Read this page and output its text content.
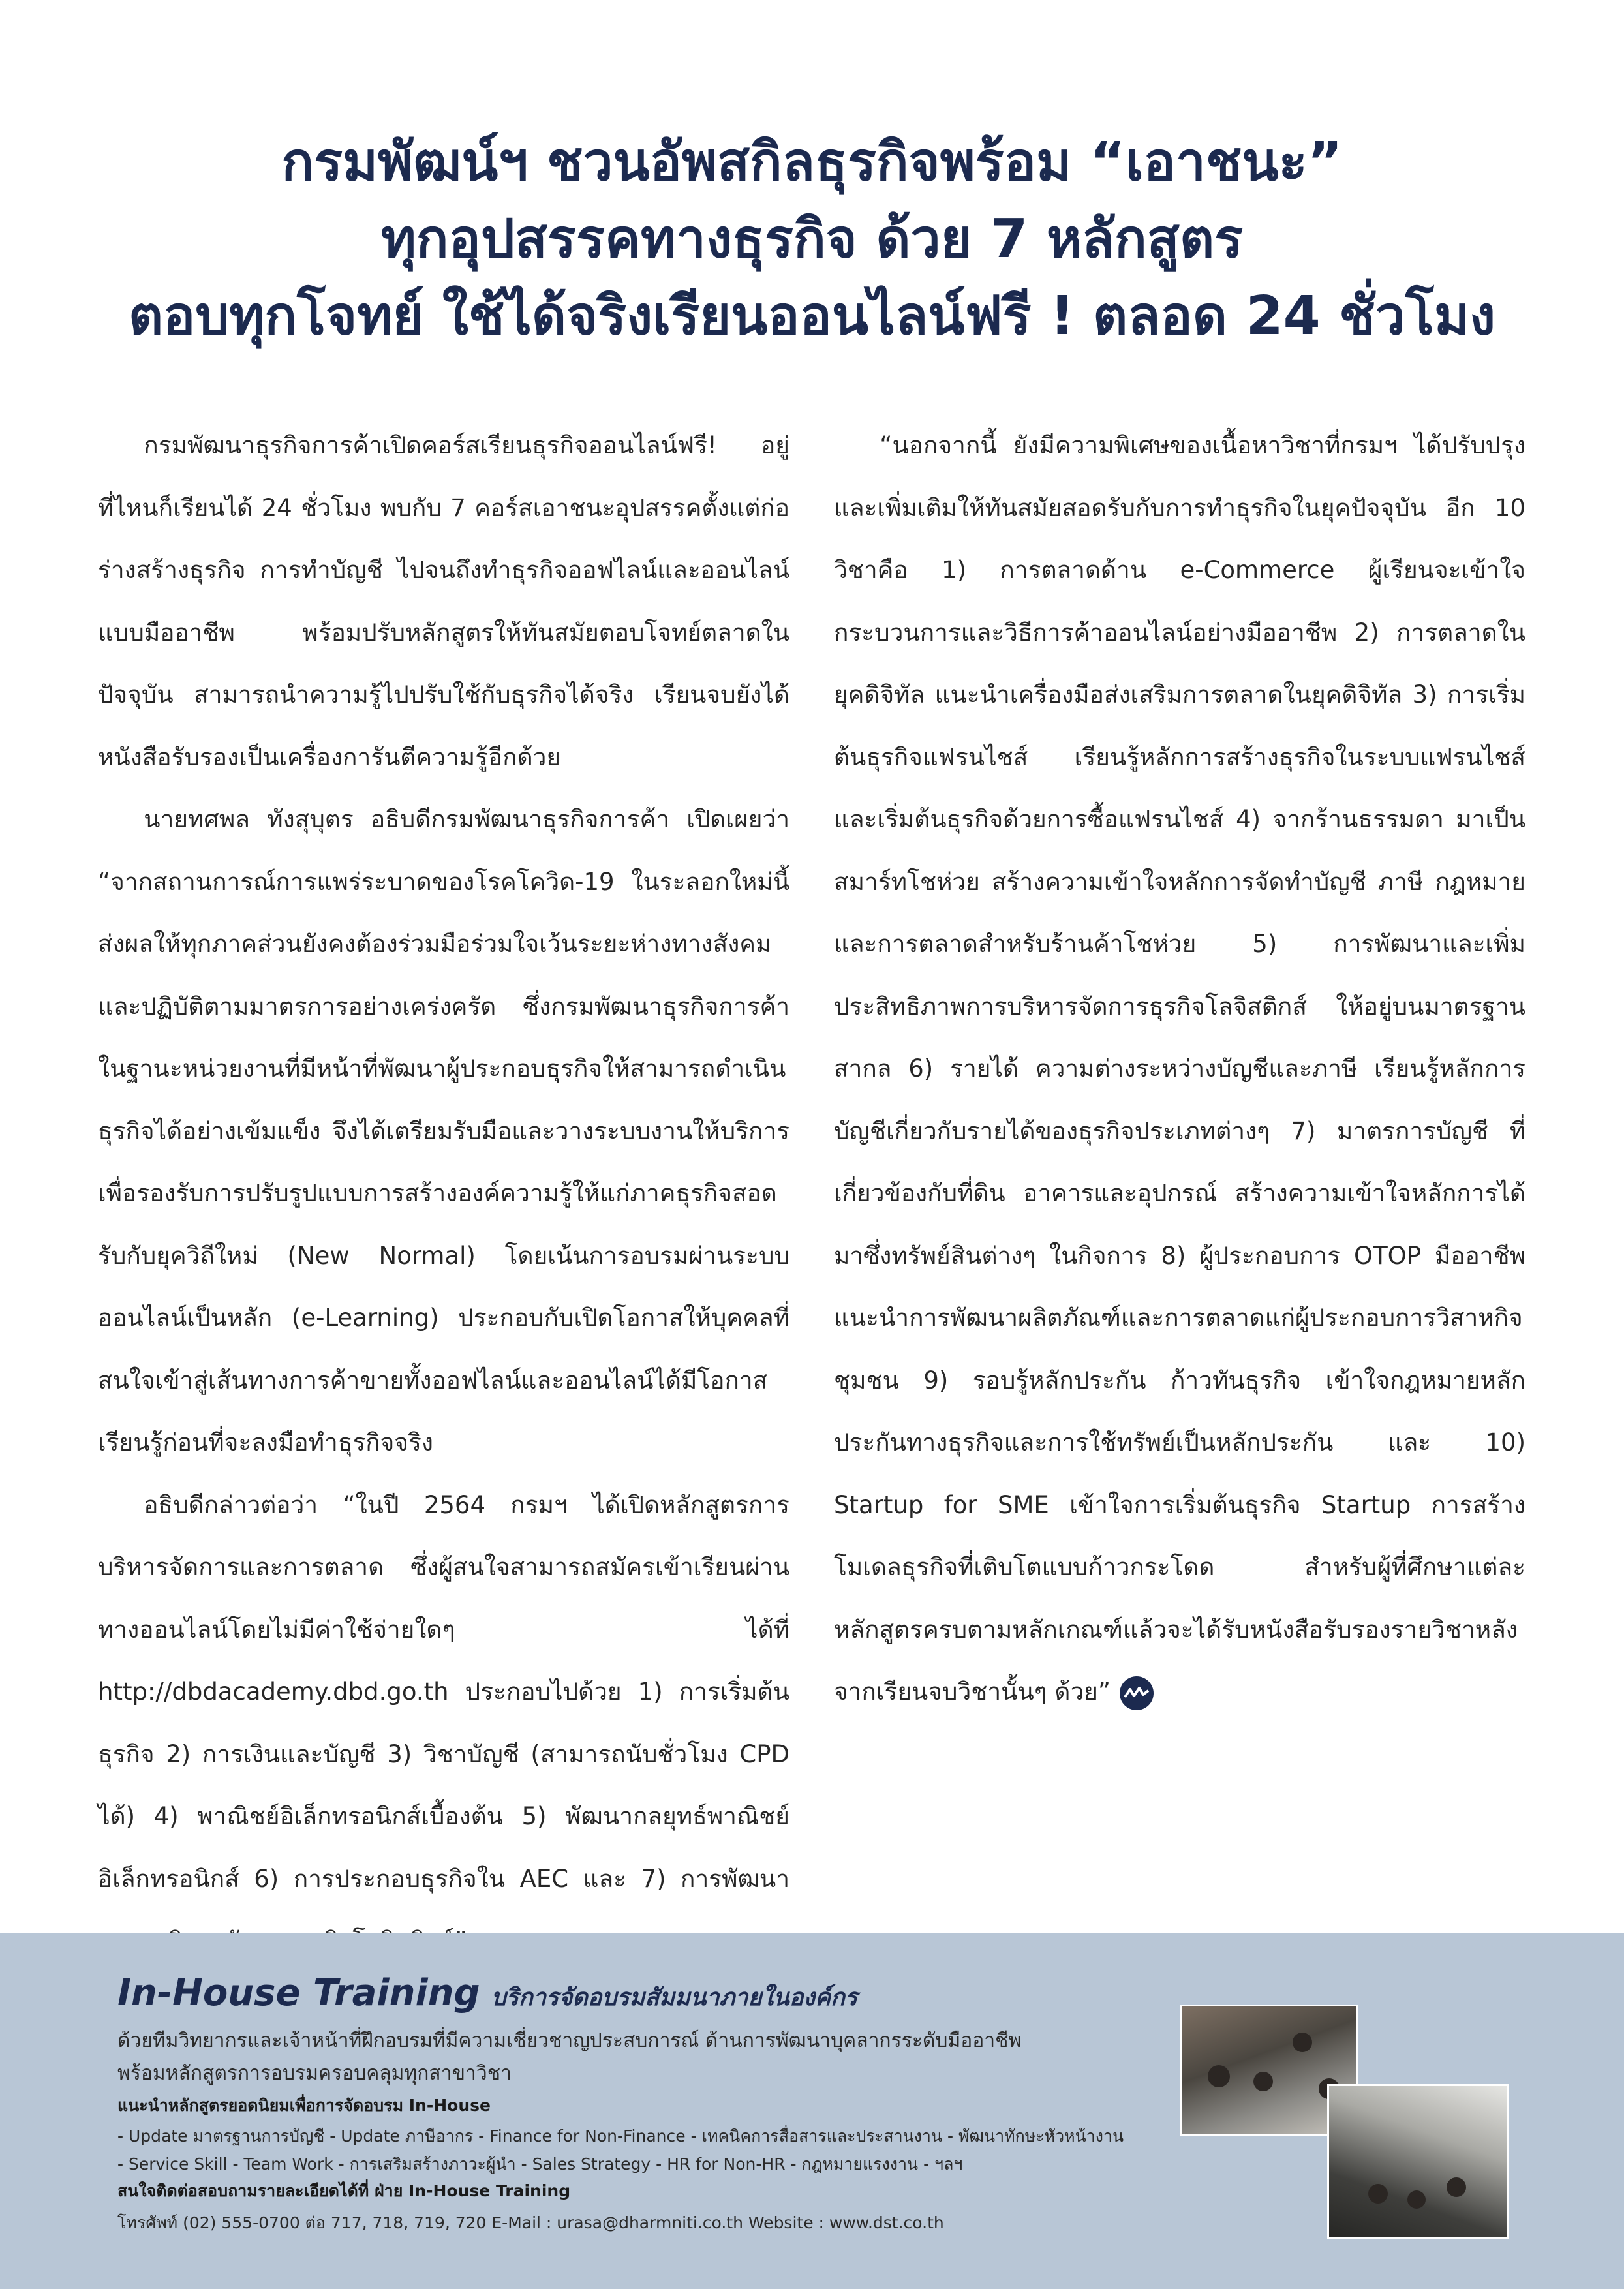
กรมพัฒน์ฯ ชวนอัพสกิลธุรกิจพร้อม “เอาชนะ”
ทุกอุปสรรคทางธุรกิจ ด้วย 7 หลักสูตร
ตอบทุกโจทย์ ใช้ได้จริงเรียนออนไลน์ฟรี ! ตลอด 24 ชั่วโมง

กรมพัฒนาธุรกิจการค้าเปิดคอร์สเรียนธุรกิจออนไลน์ฟรี! อยู่ที่ไหนก็เรียนได้ 24 ชั่วโมง พบกับ 7 คอร์สเอาชนะอุปสรรคตั้งแต่ก่อร่างสร้างธุรกิจ การทำบัญชี ไปจนถึงทำธุรกิจออฟไลน์และออนไลน์แบบมืออาชีพ พร้อมปรับหลักสูตรให้ทันสมัยตอบโจทย์ตลาดในปัจจุบัน สามารถนำความรู้ไปปรับใช้กับธุรกิจได้จริง เรียนจบยังได้หนังสือรับรองเป็นเครื่องการันตีความรู้อีกด้วย

นายทศพล ทังสุบุตร อธิบดีกรมพัฒนาธุรกิจการค้า เปิดเผยว่า “จากสถานการณ์การแพร่ระบาดของโรคโควิด-19 ในระลอกใหม่นี้ส่งผลให้ทุกภาคส่วนยังคงต้องร่วมมือร่วมใจเว้นระยะห่างทางสังคมและปฏิบัติตามมาตรการอย่างเคร่งครัด ซึ่งกรมพัฒนาธุรกิจการค้าในฐานะหน่วยงานที่มีหน้าที่พัฒนาผู้ประกอบธุรกิจให้สามารถดำเนินธุรกิจได้อย่างเข้มแข็ง จึงได้เตรียมรับมือและวางระบบงานให้บริการเพื่อรองรับการปรับรูปแบบการสร้างองค์ความรู้ให้แก่ภาคธุรกิจสอดรับกับยุควิถีใหม่ (New Normal) โดยเน้นการอบรมผ่านระบบออนไลน์เป็นหลัก (e-Learning) ประกอบกับเปิดโอกาสให้บุคคลที่สนใจเข้าสู่เส้นทางการค้าขายทั้งออฟไลน์และออนไลน์ได้มีโอกาสเรียนรู้ก่อนที่จะลงมือทำธุรกิจจริง

อธิบดีกล่าวต่อว่า “ในปี 2564 กรมฯ ได้เปิดหลักสูตรการบริหารจัดการและการตลาด ซึ่งผู้สนใจสามารถสมัครเข้าเรียนผ่านทางออนไลน์โดยไม่มีค่าใช้จ่ายใดๆ ได้ที่ http://dbdacademy.dbd.go.th ประกอบไปด้วย 1) การเริ่มต้นธุรกิจ 2) การเงินและบัญชี 3) วิชาบัญชี (สามารถนับชั่วโมง CPD ได้) 4) พาณิชย์อิเล็กทรอนิกส์เบื้องต้น 5) พัฒนากลยุทธ์พาณิชย์อิเล็กทรอนิกส์ 6) การประกอบธุรกิจใน AEC และ 7) การพัฒนา

“นอกจากนี้ ยังมีความพิเศษของเนื้อหาวิชาที่กรมฯ ได้ปรับปรุงและเพิ่มเติมให้ทันสมัยสอดรับกับการทำธุรกิจในยุคปัจจุบัน อีก 10 วิชาคือ 1) การตลาดด้าน e-Commerce ผู้เรียนจะเข้าใจกระบวนการและวิธีการค้าออนไลน์อย่างมืออาชีพ 2) การตลาดในยุคดิจิทัล แนะนำเครื่องมือส่งเสริมการตลาดในยุคดิจิทัล 3) การเริ่มต้นธุรกิจแฟรนไชส์ เรียนรู้หลักการสร้างธุรกิจในระบบแฟรนไชส์ และเริ่มต้นธุรกิจด้วยการซื้อแฟรนไชส์ 4) จากร้านธรรมดา มาเป็นสมาร์ทโชห่วย สร้างความเข้าใจหลักการจัดทำบัญชี ภาษี กฎหมาย และการตลาดสำหรับร้านค้าโชห่วย 5) การพัฒนาและเพิ่มประสิทธิภาพการบริหารจัดการธุรกิจโลจิสติกส์ ให้อยู่บนมาตรฐานสากล 6) รายได้ ความต่างระหว่างบัญชีและภาษี เรียนรู้หลักการบัญชีเกี่ยวกับรายได้ของธุรกิจประเภทต่างๆ 7) มาตรการบัญชี ที่เกี่ยวข้องกับที่ดิน อาคารและอุปกรณ์ สร้างความเข้าใจหลักการได้มาซึ่งทรัพย์สินต่างๆ ในกิจการ 8) ผู้ประกอบการ OTOP มืออาชีพ แนะนำการพัฒนาผลิตภัณฑ์และการตลาดแก่ผู้ประกอบการวิสาหกิจชุมชน 9) รอบรู้หลักประกัน ก้าวทันธุรกิจ เข้าใจกฎหมายหลักประกันทางธุรกิจและการใช้ทรัพย์เป็นหลักประกัน และ 10) Startup for SME เข้าใจการเริ่มต้นธุรกิจ Startup การสร้างโมเดลธุรกิจที่เติบโตแบบก้าวกระโดด สำหรับผู้ที่ศึกษาแต่ละหลักสูตรครบตามหลักเกณฑ์แล้วจะได้รับหนังสือรับรองรายวิชาหลังจากเรียนจบวิชานั้นๆ ด้วย”

In-House Training บริการจัดอบรมสัมมนาภายในองค์กร
ด้วยทีมวิทยากรและเจ้าหน้าที่ฝึกอบรมที่มีความเชี่ยวชาญประสบการณ์ ด้านการพัฒนาบุคลากรระดับมืออาชีพ
พร้อมหลักสูตรการอบรมครอบคลุมทุกสาขาวิชา
แนะนำหลักสูตรยอดนิยมเพื่อการจัดอบรม In-House
- Update มาตรฐานการบัญชี - Update ภาษีอากร - Finance for Non-Finance - เทคนิคการสื่อสารและประสานงาน - พัฒนาทักษะหัวหน้างาน
- Service Skill - Team Work - การเสริมสร้างภาวะผู้นำ - Sales Strategy - HR for Non-HR - กฎหมายแรงงาน - ฯลฯ
สนใจติดต่อสอบถามรายละเอียดได้ที่ ฝ่าย In-House Training
โทรศัพท์ (02) 555-0700 ต่อ 717, 718, 719, 720 E-Mail : urasa@dharmniti.co.th Website : www.dst.co.th
